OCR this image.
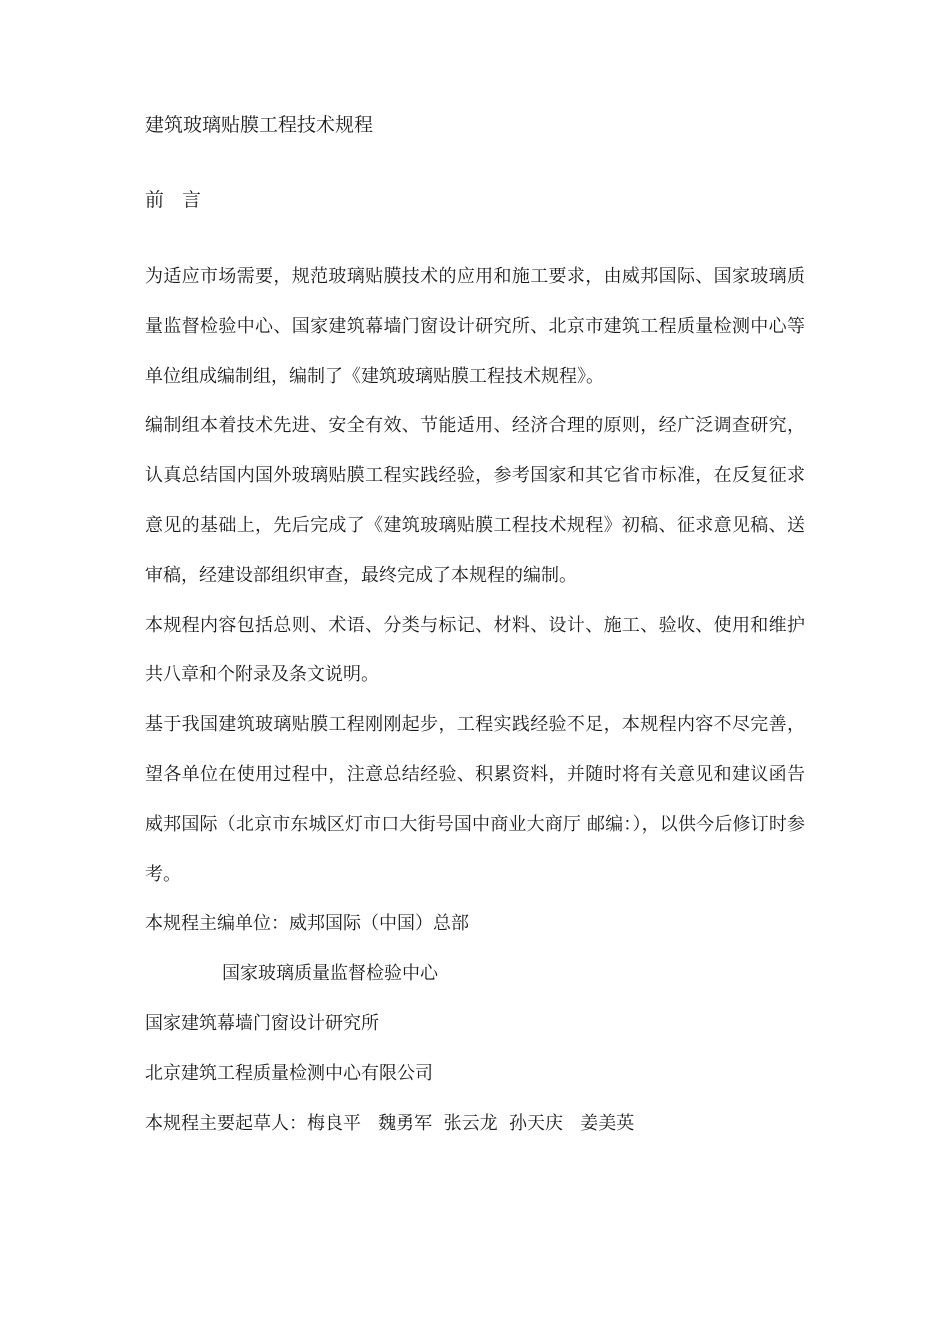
建筑玻璃贴膜工程技术规程
前言

为适应市场需要，规范玻璃贴膜技术的应用和施工要求，由威邦国际、国家玻璃质量监督检验中心、国家建筑幕墙门窗设计研究所、北京市建筑工程质量检测中心等单位组成编制组，编制了《建筑玻璃贴膜工程技术规程》。

编制组本着技术先进、安全有效、节能适用、经济合理的原则，经广泛调查研究，认真总结国内国外玻璃贴膜工程实践经验，参考国家和其它省市标准，在反复征求意见的基础上，先后完成了《建筑玻璃贴膜工程技术规程》初稿、征求意见稿、送审稿，经建设部组织审查，最终完成了本规程的编制。

本规程内容包括总则、术语、分类与标记、材料、设计、施工、验收、使用和维护共八章和个附录及条文说明。

基于我国建筑玻璃贴膜工程刚刚起步，工程实践经验不足，本规程内容不尽完善，望各单位在使用过程中，注意总结经验、积累资料，并随时将有关意见和建议函告威邦国际（北京市东城区灯市口大街号国中商业大商厅 邮编：），以供今后修订时参考。

本规程主编单位：威邦国际（中国）总部

国家玻璃质量监督检验中心

国家建筑幕墙门窗设计研究所

北京建筑工程质量检测中心有限公司

本规程主要起草人：梅良平   魏勇军  张云龙  孙天庆   姜美英
